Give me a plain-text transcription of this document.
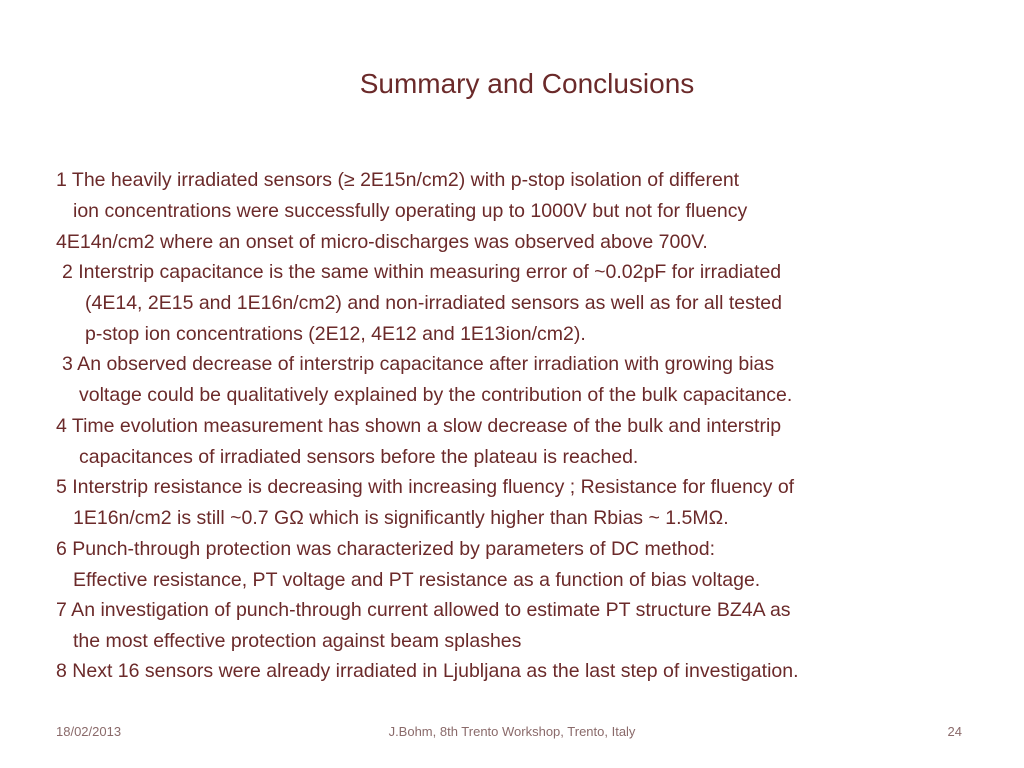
Summary and Conclusions
1 The heavily irradiated sensors (≥ 2E15n/cm2) with p-stop isolation of different
ion concentrations were successfully operating up to 1000V but not for fluency
4E14n/cm2 where an onset of micro-discharges was observed above 700V.
2 Interstrip capacitance is the same within measuring error of ~0.02pF for irradiated
(4E14, 2E15 and 1E16n/cm2) and non-irradiated sensors as well as for all tested
p-stop ion concentrations (2E12, 4E12 and 1E13ion/cm2).
3 An observed decrease of interstrip capacitance after irradiation with growing bias
voltage could be qualitatively explained by the contribution of the bulk capacitance.
4 Time evolution measurement has shown a slow decrease of the bulk and interstrip
capacitances of irradiated sensors before the plateau is reached.
5 Interstrip resistance is decreasing with increasing fluency ; Resistance for fluency of
1E16n/cm2 is still ~0.7 GΩ which is significantly higher than Rbias ~ 1.5MΩ.
6 Punch-through protection was characterized by parameters of DC method:
Effective resistance, PT voltage and PT resistance as a function of bias voltage.
7 An investigation of punch-through current allowed to estimate PT structure BZ4A as
the most effective protection against beam splashes
8 Next 16 sensors were already irradiated in Ljubljana as the last step of investigation.
18/02/2013	J.Bohm, 8th Trento Workshop, Trento, Italy	24
